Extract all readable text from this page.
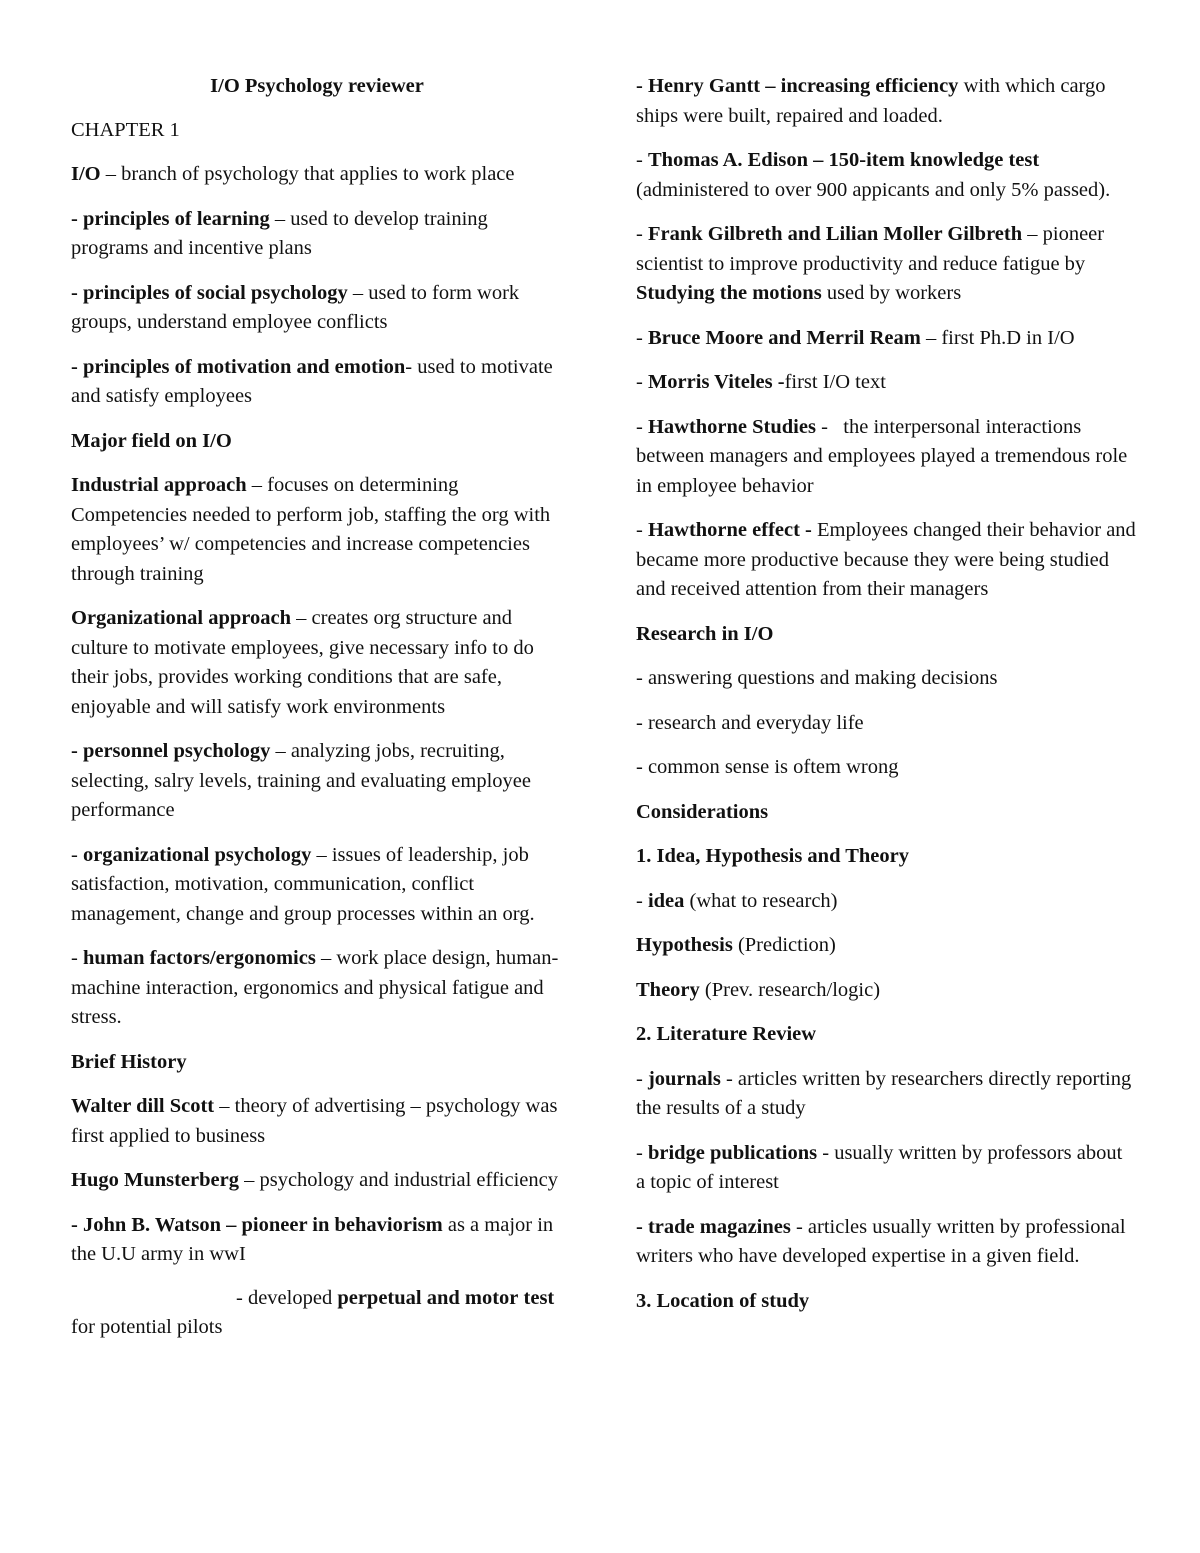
I/O Psychology reviewer

CHAPTER 1

I/O – branch of psychology that applies to work place

- principles of learning – used to develop training programs and incentive plans

- principles of social psychology – used to form work groups, understand employee conflicts

- principles of motivation and emotion- used to motivate and satisfy employees

Major field on I/O

Industrial approach – focuses on determining Competencies needed to perform job, staffing the org with employees’ w/ competencies and increase competencies through training

Organizational approach – creates org structure and culture to motivate employees, give necessary info to do their jobs, provides working conditions that are safe, enjoyable and will satisfy work environments

- personnel psychology – analyzing jobs, recruiting, selecting, salry levels, training and evaluating employee performance

- organizational psychology – issues of leadership, job satisfaction, motivation, communication, conflict management, change and group processes within an org.

- human factors/ergonomics – work place design, human-machine interaction, ergonomics and physical fatigue and stress.

Brief History

Walter dill Scott – theory of advertising – psychology was first applied to business

Hugo Munsterberg – psychology and industrial efficiency

- John B. Watson – pioneer in behaviorism as a major in the U.U army in wwI

- developed perpetual and motor test for potential pilots

- Henry Gantt – increasing efficiency with which cargo ships were built, repaired and loaded.

- Thomas A. Edison – 150-item knowledge test (administered to over 900 appicants and only 5% passed).

- Frank Gilbreth and Lilian Moller Gilbreth – pioneer scientist to improve productivity and reduce fatigue by Studying the motions used by workers

- Bruce Moore and Merril Ream – first Ph.D in I/O

- Morris Viteles -first I/O text

- Hawthorne Studies -   the interpersonal interactions between managers and employees played a tremendous role in employee behavior

- Hawthorne effect - Employees changed their behavior and became more productive because they were being studied and received attention from their managers

Research in I/O

- answering questions and making decisions

- research and everyday life

- common sense is oftem wrong

Considerations

1. Idea, Hypothesis and Theory

- idea (what to research)

Hypothesis (Prediction)

Theory (Prev. research/logic)

2. Literature Review

- journals - articles written by researchers directly reporting the results of a study

- bridge publications - usually written by professors about a topic of interest

- trade magazines - articles usually written by professional writers who have developed expertise in a given field.

3. Location of study
